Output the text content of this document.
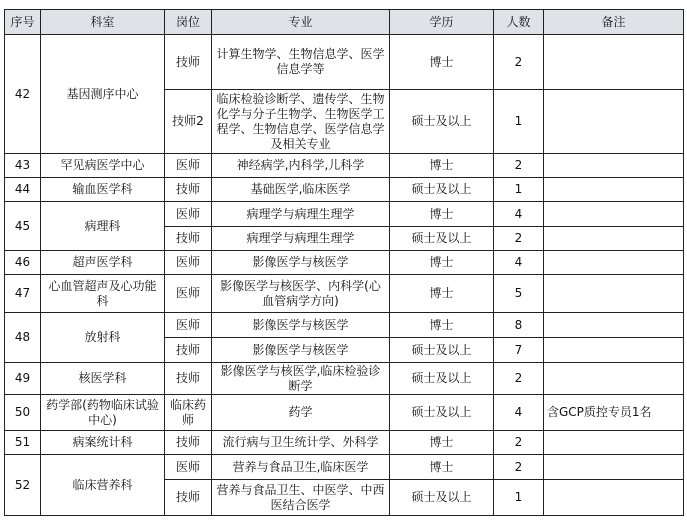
序号	科室	岗位	专业	学历	人数	备注
42	基因测序中心	技师	计算生物学、生物信息学、医学信息学等	博士	2	
		技师2	临床检验诊断学、遗传学、生物化学与分子生物学、生物医学工程学、生物信息学、医学信息学及相关专业	硕士及以上	1	
43	罕见病医学中心	医师	神经病学,内科学,儿科学	博士	2	
44	输血医学科	技师	基础医学,临床医学	硕士及以上	1	
45	病理科	医师	病理学与病理生理学	博士	4	
		技师	病理学与病理生理学	硕士及以上	2	
46	超声医学科	医师	影像医学与核医学	博士	4	
47	心血管超声及心功能科	医师	影像医学与核医学、内科学(心血管病学方向)	博士	5	
48	放射科	医师	影像医学与核医学	博士	8	
		技师	影像医学与核医学	硕士及以上	7	
49	核医学科	技师	影像医学与核医学,临床检验诊断学	硕士及以上	2	
50	药学部(药物临床试验中心)	临床药师	药学	硕士及以上	4	含GCP质控专员1名
51	病案统计科	技师	流行病与卫生统计学、外科学	博士	2	
52	临床营养科	医师	营养与食品卫生,临床医学	博士	2	
		技师	营养与食品卫生、中医学、中西医结合医学	硕士及以上	1	
